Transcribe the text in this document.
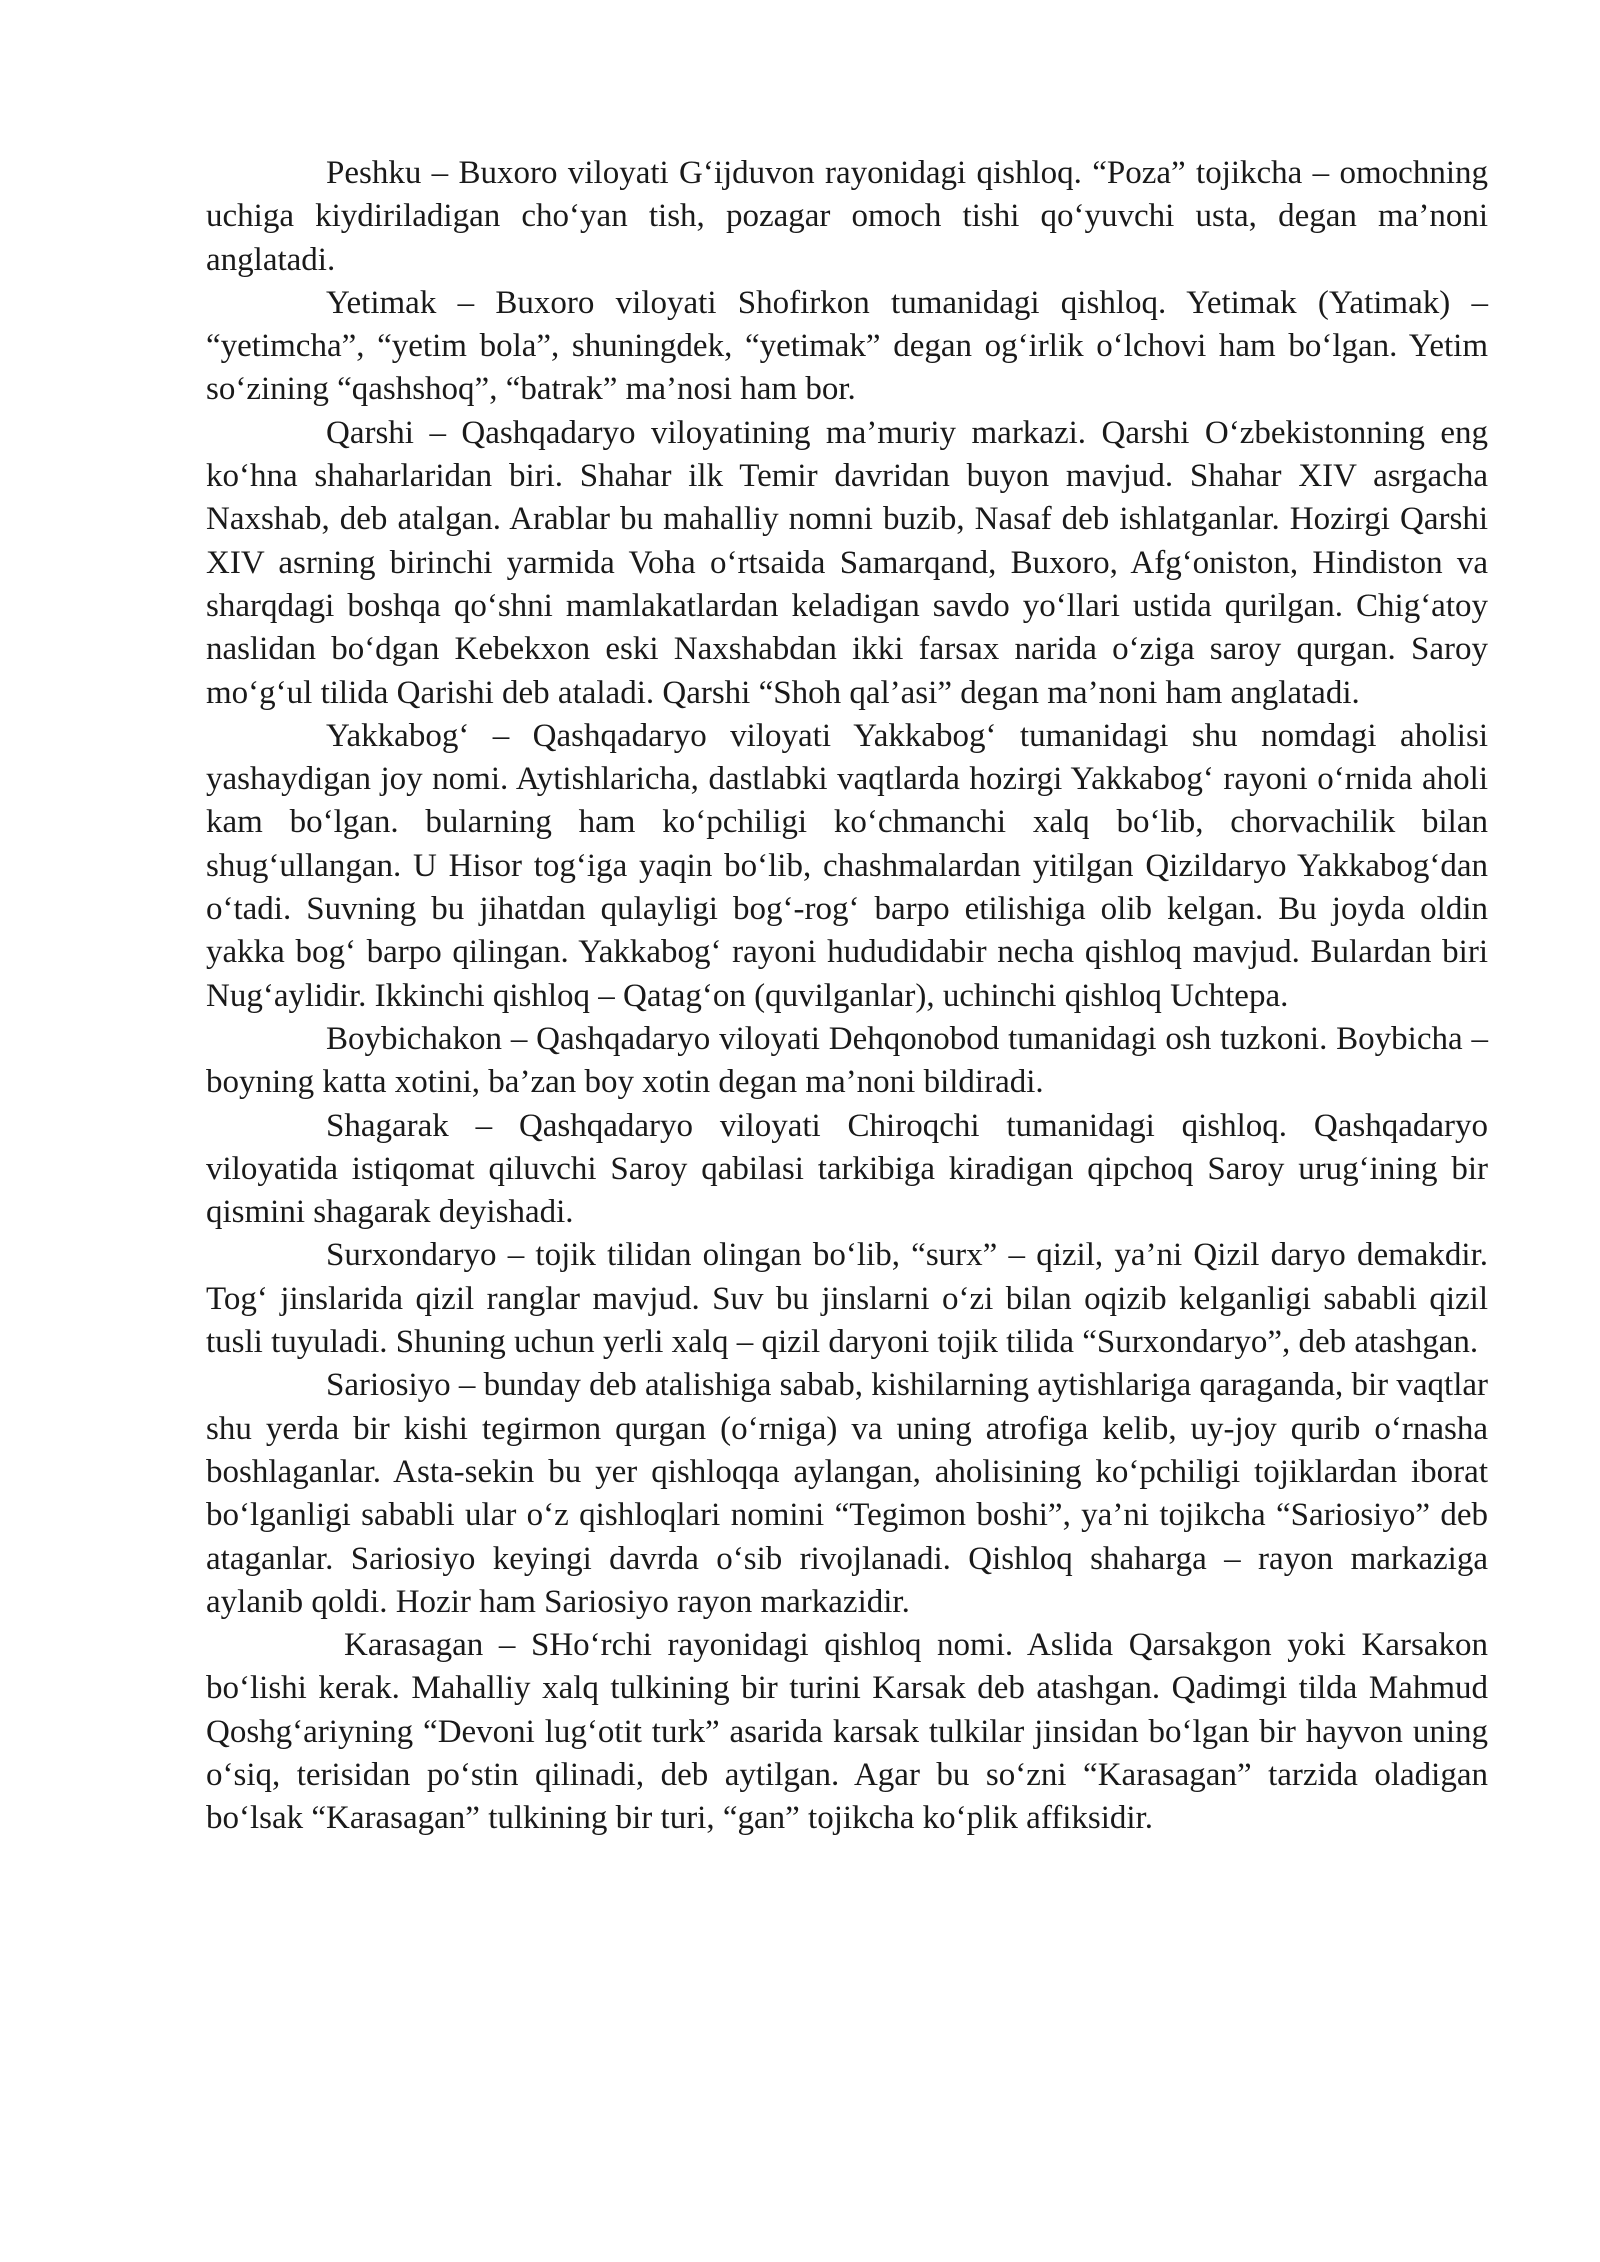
Peshku – Buxoro viloyati G‘ijduvon rayonidagi qishloq. “Poza” tojikcha – omochning uchiga kiydiriladigan cho‘yan tish, pozagar omoch tishi qo‘yuvchi usta, degan ma’noni anglatadi.

Yetimak – Buxoro viloyati Shofirkon tumanidagi qishloq. Yetimak (Yatimak) – “yetimcha”, “yetim bola”, shuningdek, “yetimak” degan og‘irlik o‘lchovi ham bo‘lgan. Yetim so‘zining “qashshoq”, “batrak” ma’nosi ham bor.

Qarshi – Qashqadaryo viloyatining ma’muriy markazi. Qarshi O‘zbekistonning eng ko‘hna shaharlaridan biri. Shahar ilk Temir davridan buyon mavjud. Shahar XIV asrgacha Naxshab, deb atalgan. Arablar bu mahalliy nomni buzib, Nasaf deb ishlatganlar. Hozirgi Qarshi XIV asrning birinchi yarmida Voha o‘rtsaida Samarqand, Buxoro, Afg‘oniston, Hindiston va sharqdagi boshqa qo‘shni mamlakatlardan keladigan savdo yo‘llari ustida qurilgan. Chig‘atoy naslidan bo‘dgan Kebekxon eski Naxshabdan ikki farsax narida o‘ziga saroy qurgan. Saroy mo‘g‘ul tilida Qarishi deb ataladi. Qarshi “Shoh qal’asi” degan ma’noni ham anglatadi.

Yakkabog‘ – Qashqadaryo viloyati Yakkabog‘ tumanidagi shu nomdagi aholisi yashaydigan joy nomi. Aytishlaricha, dastlabki vaqtlarda hozirgi Yakkabog‘ rayoni o‘rnida aholi kam bo‘lgan. bularning ham ko‘pchiligi ko‘chmanchi xalq bo‘lib, chorvachilik bilan shug‘ullangan. U Hisor tog‘iga yaqin bo‘lib, chashmalardan yitilgan Qizildaryo Yakkabog‘dan o‘tadi. Suvning bu jihatdan qulayligi bog‘-rog‘ barpo etilishiga olib kelgan. Bu joyda oldin yakka bog‘ barpo qilingan. Yakkabog‘ rayoni hududidabir necha qishloq mavjud. Bulardan biri Nug‘aylidir. Ikkinchi qishloq – Qatag‘on (quvilganlar), uchinchi qishloq Uchtepa.

Boybichakon – Qashqadaryo viloyati Dehqonobod tumanidagi osh tuzkoni. Boybicha – boyning katta xotini, ba’zan boy xotin degan ma’noni bildiradi.

Shagarak – Qashqadaryo viloyati Chiroqchi tumanidagi qishloq. Qashqadaryo viloyatida istiqomat qiluvchi Saroy qabilasi tarkibiga kiradigan qipchoq Saroy urug‘ining bir qismini shagarak deyishadi.

Surxondaryo – tojik tilidan olingan bo‘lib, “surx” – qizil, ya’ni Qizil daryo demakdir. Tog‘ jinslarida qizil ranglar mavjud. Suv bu jinslarni o‘zi bilan oqizib kelganligi sababli qizil tusli tuyuladi. Shuning uchun yerli xalq – qizil daryoni tojik tilida “Surxondaryo”, deb atashgan.

Sariosiyo – bunday deb atalishiga sabab, kishilarning aytishlariga qaraganda, bir vaqtlar shu yerda bir kishi tegirmon qurgan (o‘rniga) va uning atrofiga kelib, uy-joy qurib o‘rnasha boshlaganlar. Asta-sekin bu yer qishloqqa aylangan, aholisining ko‘pchiligi tojiklardan iborat bo‘lganligi sababli ular o‘z qishloqlari nomini “Tegimon boshi”, ya’ni tojikcha “Sariosiyo” deb ataganlar. Sariosiyo keyingi davrda o‘sib rivojlanadi. Qishloq shaharga – rayon markaziga aylanib qoldi. Hozir ham Sariosiyo rayon markazidir.

Karasagan – SHo‘rchi rayonidagi qishloq nomi. Aslida Qarsakgon yoki Karsakon bo‘lishi kerak. Mahalliy xalq tulkining bir turini Karsak deb atashgan. Qadimgi tilda Mahmud Qoshg‘ariyning “Devoni lug‘otit turk” asarida karsak tulkilar jinsidan bo‘lgan bir hayvon uning o‘siq, terisidan po‘stin qilinadi, deb aytilgan. Agar bu so‘zni “Karasagan” tarzida oladigan bo‘lsak “Karasagan” tulkining bir turi, “gan” tojikcha ko‘plik affiksidir.
